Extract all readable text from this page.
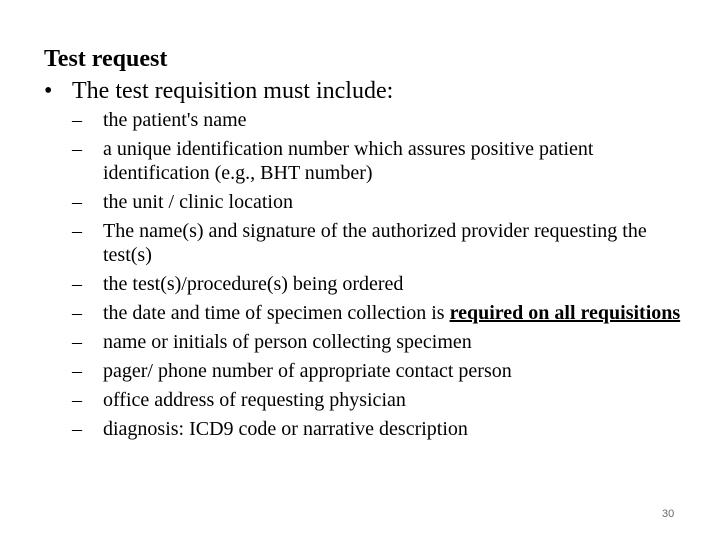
Test request
• The test requisition must include:
–	the patient's name
–	a unique identification number which assures positive patient identification (e.g., BHT number)
–	the unit / clinic location
–	The name(s) and signature of the authorized provider requesting the test(s)
–	the test(s)/procedure(s) being ordered
–	the date and time of specimen collection is required on all requisitions
–	name or initials of person collecting specimen
–	pager/ phone number of appropriate contact person
–	office address of requesting physician
–	diagnosis: ICD9 code or narrative description
30
